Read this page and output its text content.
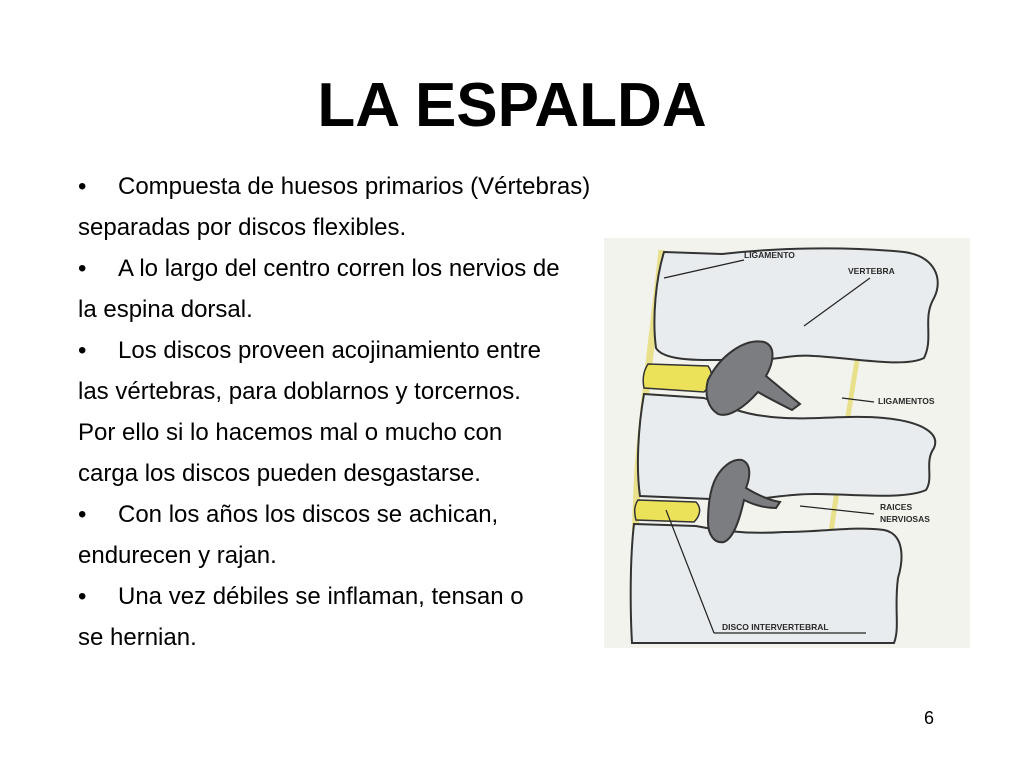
LA ESPALDA
• Compuesta de huesos primarios (Vértebras)
separadas por discos flexibles.
• A lo largo del centro corren los nervios de
la espina dorsal.
• Los discos proveen acojinamiento entre
las vértebras, para doblarnos y torcernos.
Por ello si lo hacemos mal o mucho con
carga los discos pueden desgastarse.
• Con los años los discos se achican,
endurecen y rajan.
• Una vez débiles se inflaman, tensan o
se hernian.
LIGAMENTO
VERTEBRA
LIGAMENTOS
RAICES
NERVIOSAS
DISCO INTERVERTEBRAL
6
